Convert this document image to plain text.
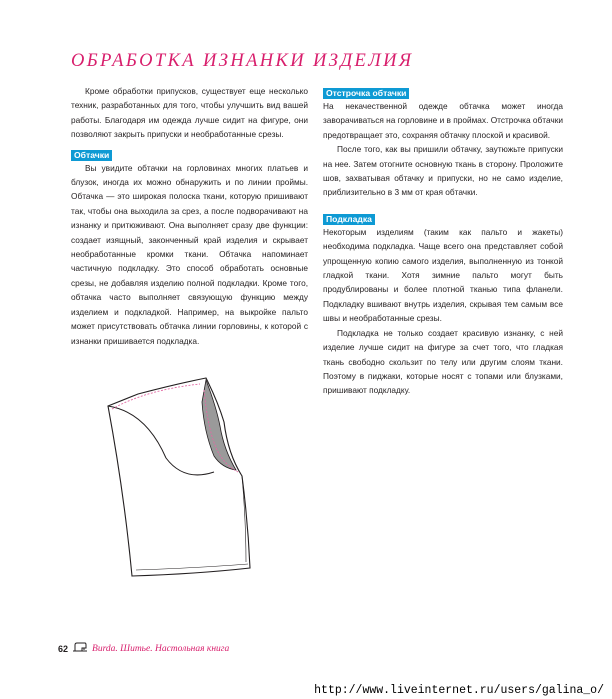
ОБРАБОТКА ИЗНАНКИ ИЗДЕЛИЯ

Кроме обработки припусков, существует еще несколько техник, разработанных для того, чтобы улучшить вид вашей работы. Благодаря им одежда лучше сидит на фигуре, они позволяют закрыть припуски и необработанные срезы.

Обтачки

Вы увидите обтачки на горловинах многих платьев и блузок, иногда их можно обнаружить и по линии проймы. Обтачка — это широкая полоска ткани, которую пришивают так, чтобы она выходила за срез, а после подворачивают на изнанку и притюживают. Она выполняет сразу две функции: создает изящный, законченный край изделия и скрывает необработанные кромки ткани. Обтачка напоминает частичную подкладку. Это способ обработать основные срезы, не добавляя изделию полной подкладки. Кроме того, обтачка часто выполняет связующую функцию между изделием и подкладкой. Например, на выкройке пальто может присутствовать обтачка линии горловины, к которой с изнанки пришивается подкладка.

Отстрочка обтачки

На некачественной одежде обтачка может иногда заворачиваться на горловине и в проймах. Отстрочка обтачки предотвращает это, сохраняя обтачку плоской и красивой.

После того, как вы пришили обтачку, заутюжьте припуски на нее. Затем отогните основную ткань в сторону. Проложите шов, захватывая обтачку и припуски, но не само изделие, приблизительно в 3 мм от края обтачки.

Подкладка

Некоторым изделиям (таким как пальто и жакеты) необходима подкладка. Чаще всего она представляет собой упрощенную копию самого изделия, выполненную из тонкой гладкой ткани. Хотя зимние пальто могут быть продублированы и более плотной тканью типа фланели. Подкладку вшивают внутрь изделия, скрывая тем самым все швы и необработанные срезы.

Подкладка не только создает красивую изнанку, с ней изделие лучше сидит на фигуре за счет того, что гладкая ткань свободно скользит по телу или другим слоям ткани. Поэтому в пиджаки, которые носят с топами или блузками, пришивают подкладку.

62	Burda. Шитье. Настольная книга
http://www.liveinternet.ru/users/galina_o/
